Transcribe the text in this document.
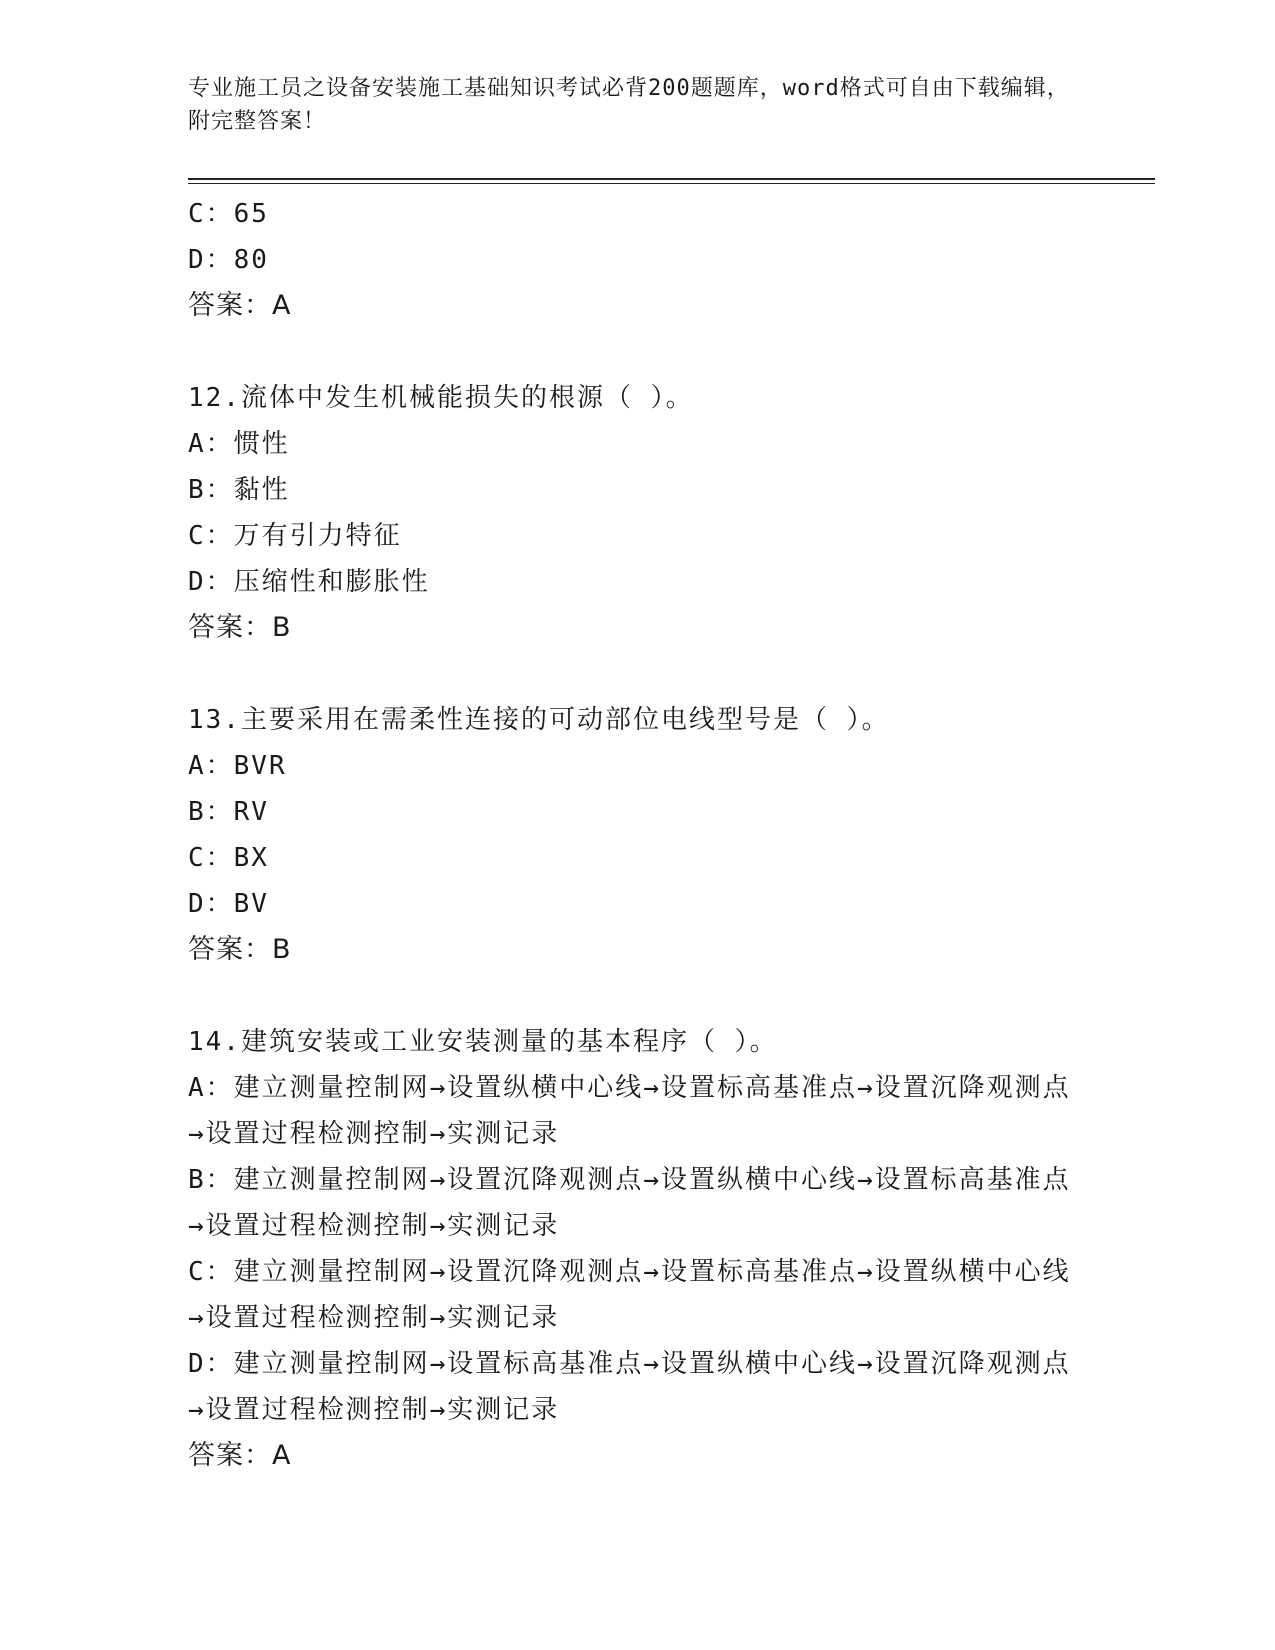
专业施工员之设备安装施工基础知识考试必背200题题库，word格式可自由下载编辑，附完整答案！
C：65
D：80
答案：A
12.流体中发生机械能损失的根源（ ）。
A：惯性
B：黏性
C：万有引力特征
D：压缩性和膨胀性
答案：B
13.主要采用在需柔性连接的可动部位电线型号是（ ）。
A：BVR
B：RV
C：BX
D：BV
答案：B
14.建筑安装或工业安装测量的基本程序（ ）。
A：建立测量控制网→设置纵横中心线→设置标高基准点→设置沉降观测点→设置过程检测控制→实测记录
B：建立测量控制网→设置沉降观测点→设置纵横中心线→设置标高基准点→设置过程检测控制→实测记录
C：建立测量控制网→设置沉降观测点→设置标高基准点→设置纵横中心线→设置过程检测控制→实测记录
D：建立测量控制网→设置标高基准点→设置纵横中心线→设置沉降观测点→设置过程检测控制→实测记录
答案：A
